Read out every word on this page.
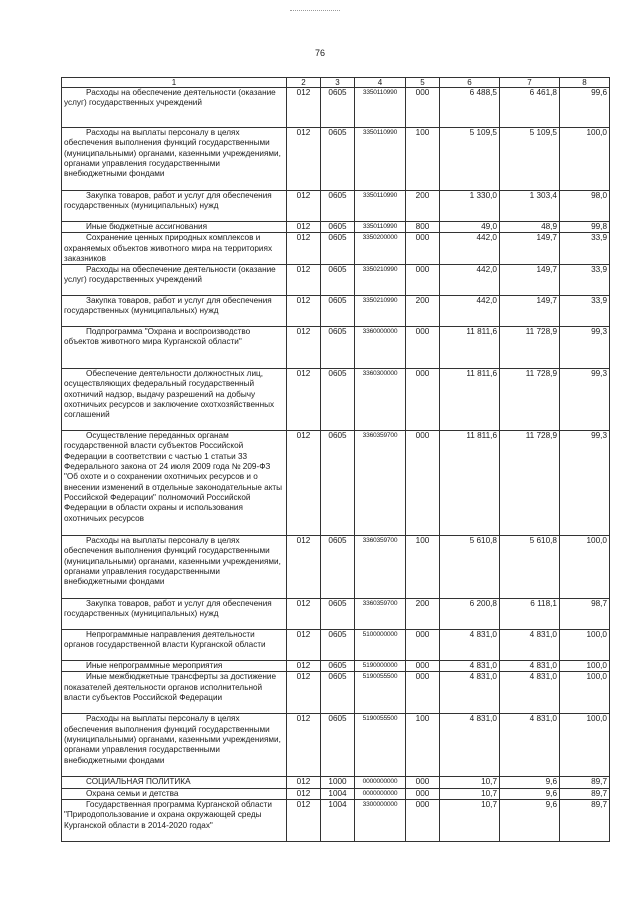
76
1	2	3	4	5	6	7	8
Расходы на обеспечение деятельности (оказание услуг) государственных учреждений	012	0605	3350110990	000	6 488,5	6 461,8	99,6
Расходы на выплаты персоналу в целях обеспечения выполнения функций государственными (муниципальными) органами, казенными учреждениями, органами управления государственными внебюджетными фондами	012	0605	3350110990	100	5 109,5	5 109,5	100,0
Закупка товаров, работ и услуг для обеспечения государственных (муниципальных) нужд	012	0605	3350110990	200	1 330,0	1 303,4	98,0
Иные бюджетные ассигнования	012	0605	3350110990	800	49,0	48,9	99,8
Сохранение ценных природных комплексов и охраняемых объектов животного мира на территориях заказников	012	0605	3350200000	000	442,0	149,7	33,9
Расходы на обеспечение деятельности (оказание услуг) государственных учреждений	012	0605	3350210990	000	442,0	149,7	33,9
Закупка товаров, работ и услуг для обеспечения государственных (муниципальных) нужд	012	0605	3350210990	200	442,0	149,7	33,9
Подпрограмма "Охрана и воспроизводство объектов животного мира Курганской области"	012	0605	3360000000	000	11 811,6	11 728,9	99,3
Обеспечение деятельности должностных лиц, осуществляющих федеральный государственный охотничий надзор, выдачу разрешений на добычу охотничьих ресурсов и заключение охотхозяйственных соглашений	012	0605	3360300000	000	11 811,6	11 728,9	99,3
Осуществление переданных органам государственной власти субъектов Российской Федерации в соответствии с частью 1 статьи 33 Федерального закона от 24 июля 2009 года № 209-ФЗ "Об охоте и о сохранении охотничьих ресурсов и о внесении изменений в отдельные законодательные акты Российской Федерации" полномочий Российской Федерации в области охраны и использования охотничьих ресурсов	012	0605	3360359700	000	11 811,6	11 728,9	99,3
Расходы на выплаты персоналу в целях обеспечения выполнения функций государственными (муниципальными) органами, казенными учреждениями, органами управления государственными внебюджетными фондами	012	0605	3360359700	100	5 610,8	5 610,8	100,0
Закупка товаров, работ и услуг для обеспечения государственных (муниципальных) нужд	012	0605	3360359700	200	6 200,8	6 118,1	98,7
Непрограммные направления деятельности органов государственной власти Курганской области	012	0605	5100000000	000	4 831,0	4 831,0	100,0
Иные непрограммные мероприятия	012	0605	5190000000	000	4 831,0	4 831,0	100,0
Иные межбюджетные трансферты за достижение показателей деятельности органов исполнительной власти субъектов Российской Федерации	012	0605	5190055500	000	4 831,0	4 831,0	100,0
Расходы на выплаты персоналу в целях обеспечения выполнения функций государственными (муниципальными) органами, казенными учреждениями, органами управления государственными внебюджетными фондами	012	0605	5190055500	100	4 831,0	4 831,0	100,0
СОЦИАЛЬНАЯ ПОЛИТИКА	012	1000	0000000000	000	10,7	9,6	89,7
Охрана семьи и детства	012	1004	0000000000	000	10,7	9,6	89,7
Государственная программа Курганской области "Природопользование и охрана окружающей среды Курганской области в 2014-2020 годах"	012	1004	3300000000	000	10,7	9,6	89,7
